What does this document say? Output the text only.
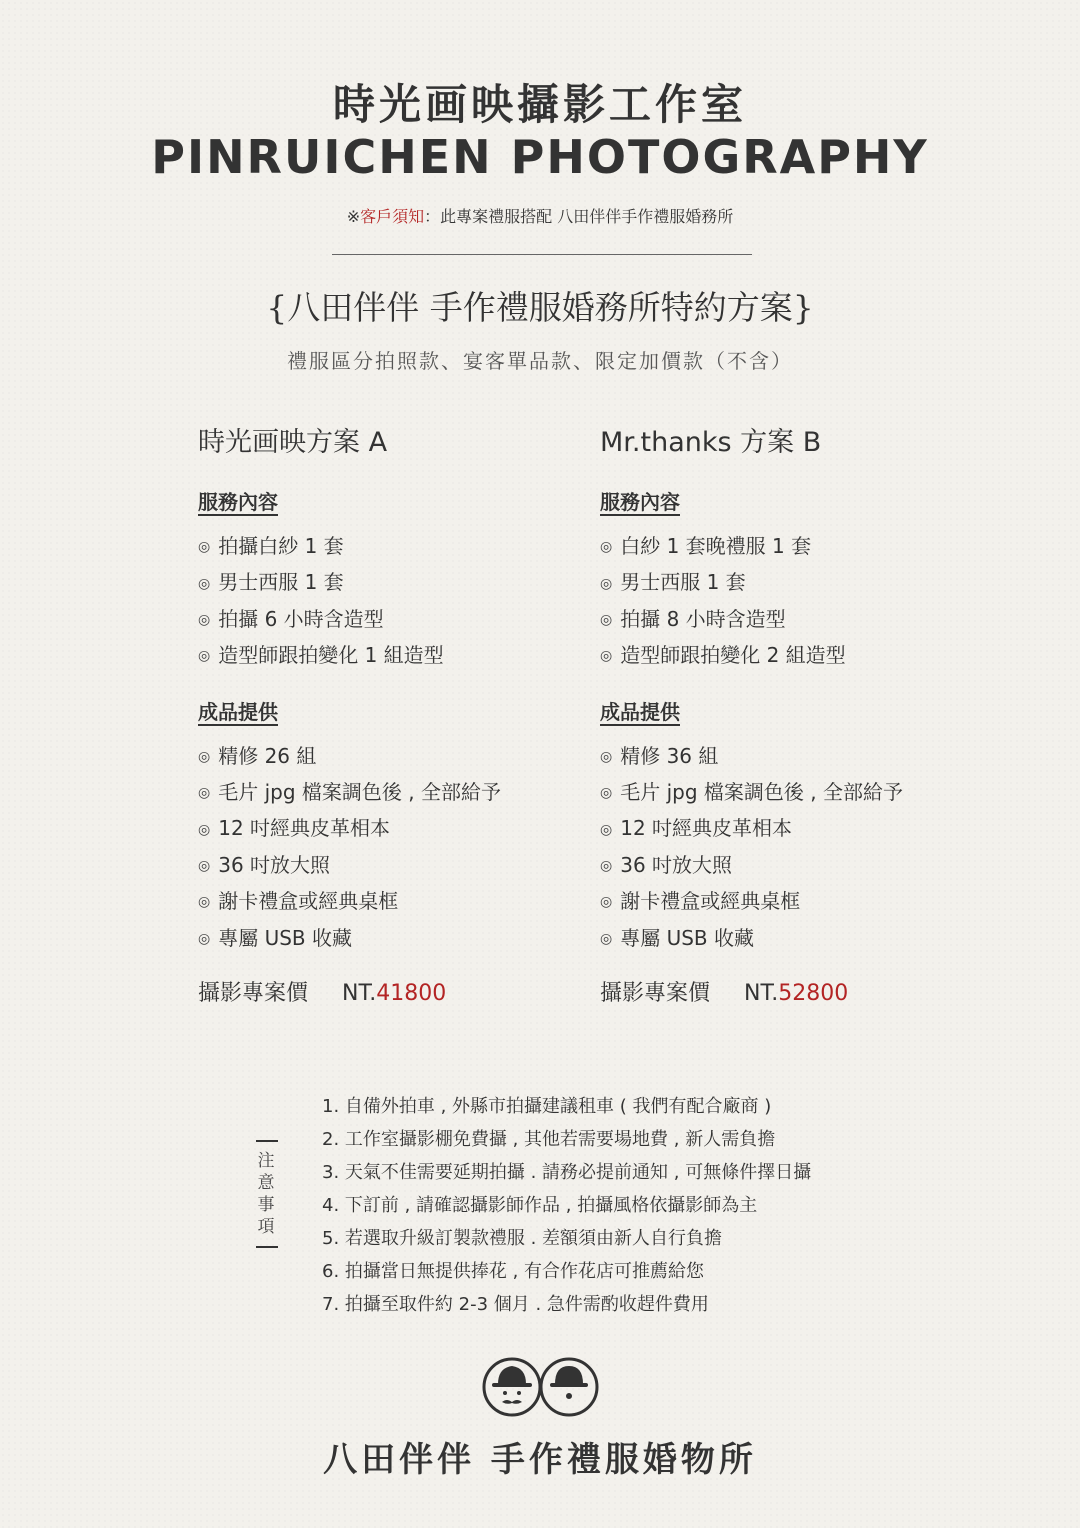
時光画映攝影工作室
PINRUICHEN PHOTOGRAPHY
※客戶須知：此專案禮服搭配 八田伴伴手作禮服婚務所
{八田伴伴 手作禮服婚務所特約方案}
禮服區分拍照款、宴客單品款、限定加價款（不含）
時光画映方案 A
服務內容
◎ 拍攝白紗 1 套
◎ 男士西服 1 套
◎ 拍攝 6 小時含造型
◎ 造型師跟拍變化 1 組造型
成品提供
◎ 精修 26 組
◎ 毛片 jpg 檔案調色後 , 全部給予
◎ 12 吋經典皮革相本
◎ 36 吋放大照
◎ 謝卡禮盒或經典桌框
◎ 專屬 USB 收藏
攝影專案價 NT.41800
Mr.thanks 方案 B
服務內容
◎ 白紗 1 套晚禮服 1 套
◎ 男士西服 1 套
◎ 拍攝 8 小時含造型
◎ 造型師跟拍變化 2 組造型
成品提供
◎ 精修 36 組
◎ 毛片 jpg 檔案調色後 , 全部給予
◎ 12 吋經典皮革相本
◎ 36 吋放大照
◎ 謝卡禮盒或經典桌框
◎ 專屬 USB 收藏
攝影專案價 NT.52800
注
意
事
項
1. 自備外拍車 , 外縣市拍攝建議租車 ( 我們有配合廠商 )
2. 工作室攝影棚免費攝 , 其他若需要場地費 , 新人需負擔
3. 天氣不佳需要延期拍攝 . 請務必提前通知 , 可無條件擇日攝
4. 下訂前 , 請確認攝影師作品 , 拍攝風格依攝影師為主
5. 若選取升級訂製款禮服 . 差額須由新人自行負擔
6. 拍攝當日無提供捧花 , 有合作花店可推薦給您
7. 拍攝至取件約 2-3 個月 . 急件需酌收趕件費用
八田伴伴 手作禮服婚物所
